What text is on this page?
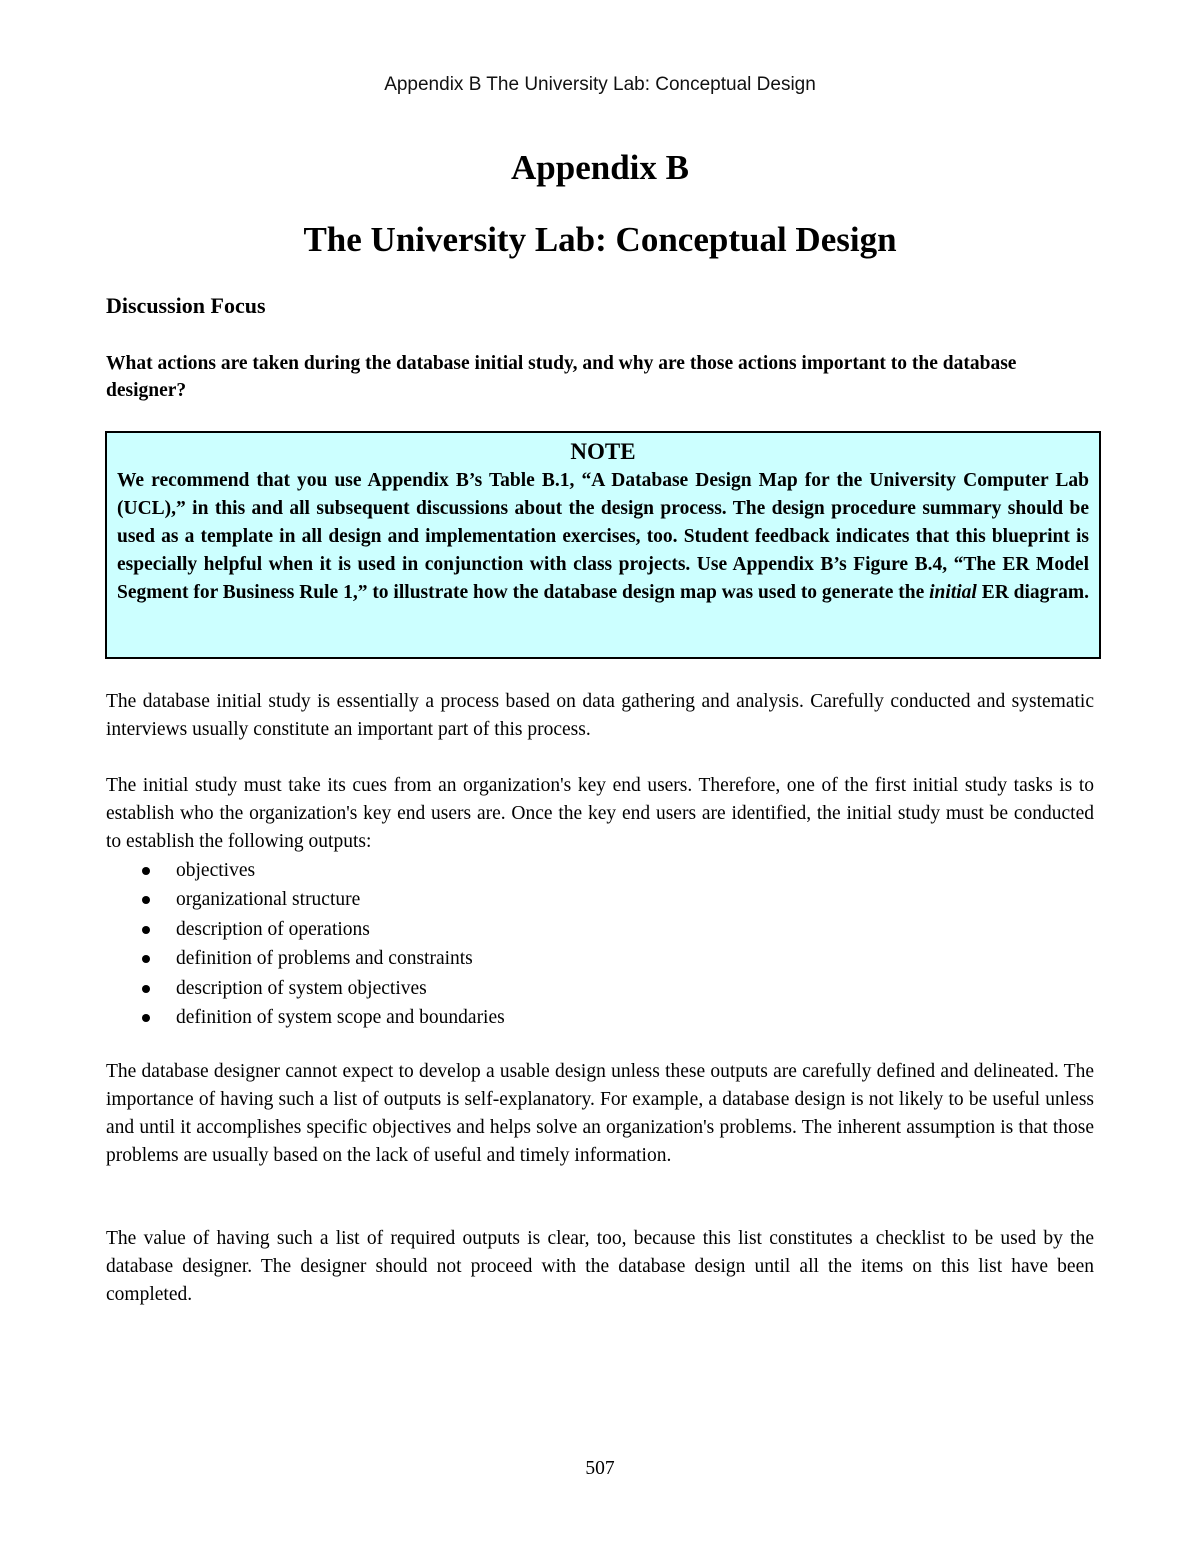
Appendix B The University Lab: Conceptual Design
Appendix B
The University Lab: Conceptual Design
Discussion Focus
What actions are taken during the database initial study, and why are those actions important to the database designer?
NOTE
We recommend that you use Appendix B’s Table B.1, “A Database Design Map for the University Computer Lab (UCL),” in this and all subsequent discussions about the design process. The design procedure summary should be used as a template in all design and implementation exercises, too. Student feedback indicates that this blueprint is especially helpful when it is used in conjunction with class projects. Use Appendix B’s Figure B.4, “The ER Model Segment for Business Rule 1,” to illustrate how the database design map was used to generate the initial ER diagram.
The database initial study is essentially a process based on data gathering and analysis. Carefully conducted and systematic interviews usually constitute an important part of this process.
The initial study must take its cues from an organization's key end users. Therefore, one of the first initial study tasks is to establish who the organization's key end users are. Once the key end users are identified, the initial study must be conducted to establish the following outputs:
objectives
organizational structure
description of operations
definition of problems and constraints
description of system objectives
definition of system scope and boundaries
The database designer cannot expect to develop a usable design unless these outputs are carefully defined and delineated. The importance of having such a list of outputs is self-explanatory. For example, a database design is not likely to be useful unless and until it accomplishes specific objectives and helps solve an organization's problems. The inherent assumption is that those problems are usually based on the lack of useful and timely information.
The value of having such a list of required outputs is clear, too, because this list constitutes a checklist to be used by the database designer. The designer should not proceed with the database design until all the items on this list have been completed.
507
